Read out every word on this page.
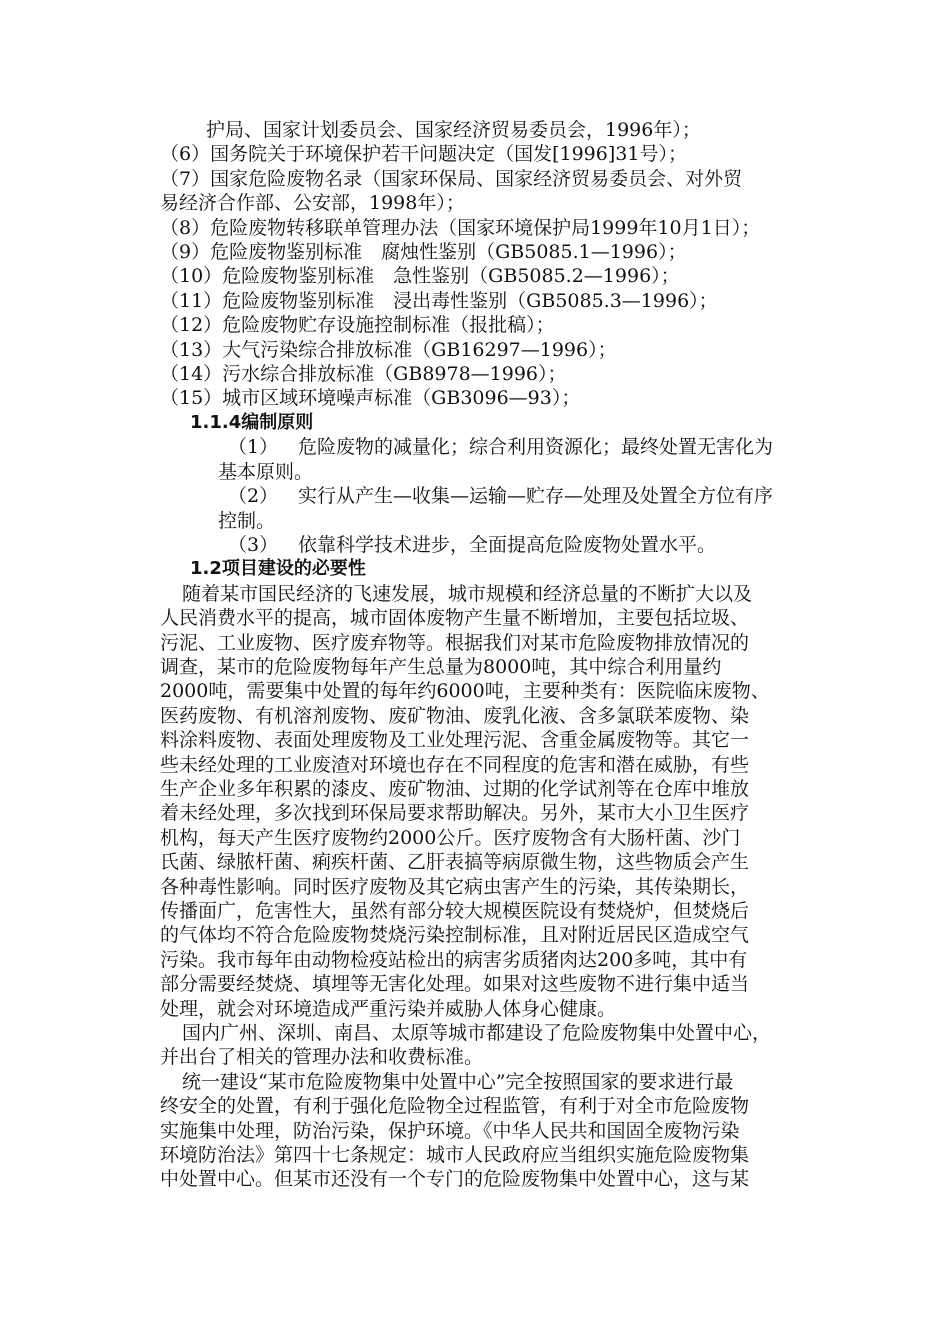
护局、国家计划委员会、国家经济贸易委员会，1996年）；
（6）国务院关于环境保护若干问题决定（国发[1996]31号）；
（7）国家危险废物名录（国家环保局、国家经济贸易委员会、对外贸
易经济合作部、公安部，1998年）；
（8）危险废物转移联单管理办法（国家环境保护局1999年10月1日）；
（9）危险废物鉴别标准　腐烛性鉴别（GB5085.1—1996）；
（10）危险废物鉴别标准　急性鉴别（GB5085.2—1996）；
（11）危险废物鉴别标准　浸出毒性鉴别（GB5085.3—1996）；
（12）危险废物贮存设施控制标准（报批稿）；
（13）大气污染综合排放标准（GB16297—1996）；
（14）污水综合排放标准（GB8978—1996）；
（15）城市区域环境噪声标准（GB3096—93）；
1.1.4编制原则
（1） 危险废物的减量化；综合利用资源化；最终处置无害化为
基本原则。
（2） 实行从产生—收集—运输—贮存—处理及处置全方位有序
控制。
（3） 依靠科学技术进步，全面提高危险废物处置水平。
1.2项目建设的必要性
随着某市国民经济的飞速发展，城市规模和经济总量的不断扩大以及
人民消费水平的提高，城市固体废物产生量不断增加，主要包括垃圾、
污泥、工业废物、医疗废弃物等。根据我们对某市危险废物排放情况的
调查，某市的危险废物每年产生总量为8000吨，其中综合利用量约
2000吨，需要集中处置的每年约6000吨，主要种类有：医院临床废物、
医药废物、有机溶剂废物、废矿物油、废乳化液、含多氯联苯废物、染
料涂料废物、表面处理废物及工业处理污泥、含重金属废物等。其它一
些未经处理的工业废渣对环境也存在不同程度的危害和潜在威胁，有些
生产企业多年积累的漆皮、废矿物油、过期的化学试剂等在仓库中堆放
着未经处理，多次找到环保局要求帮助解决。另外，某市大小卫生医疗
机构，每天产生医疗废物约2000公斤。医疗废物含有大肠杆菌、沙门
氏菌、绿脓杆菌、痢疾杆菌、乙肝表搞等病原微生物，这些物质会产生
各种毒性影响。同时医疗废物及其它病虫害产生的污染，其传染期长，
传播面广，危害性大，虽然有部分较大规模医院设有焚烧炉，但焚烧后
的气体均不符合危险废物焚烧污染控制标准，且对附近居民区造成空气
污染。我市每年由动物检疫站检出的病害劣质猪肉达200多吨，其中有
部分需要经焚烧、填埋等无害化处理。如果对这些废物不进行集中适当
处理，就会对环境造成严重污染并威胁人体身心健康。
国内广州、深圳、南昌、太原等城市都建设了危险废物集中处置中心，
并出台了相关的管理办法和收费标准。
统一建设“某市危险废物集中处置中心”完全按照国家的要求进行最
终安全的处置，有利于强化危险物全过程监管，有利于对全市危险废物
实施集中处理，防治污染，保护环境。《中华人民共和国固全废物污染
环境防治法》第四十七条规定：城市人民政府应当组织实施危险废物集
中处置中心。但某市还没有一个专门的危险废物集中处置中心，这与某
